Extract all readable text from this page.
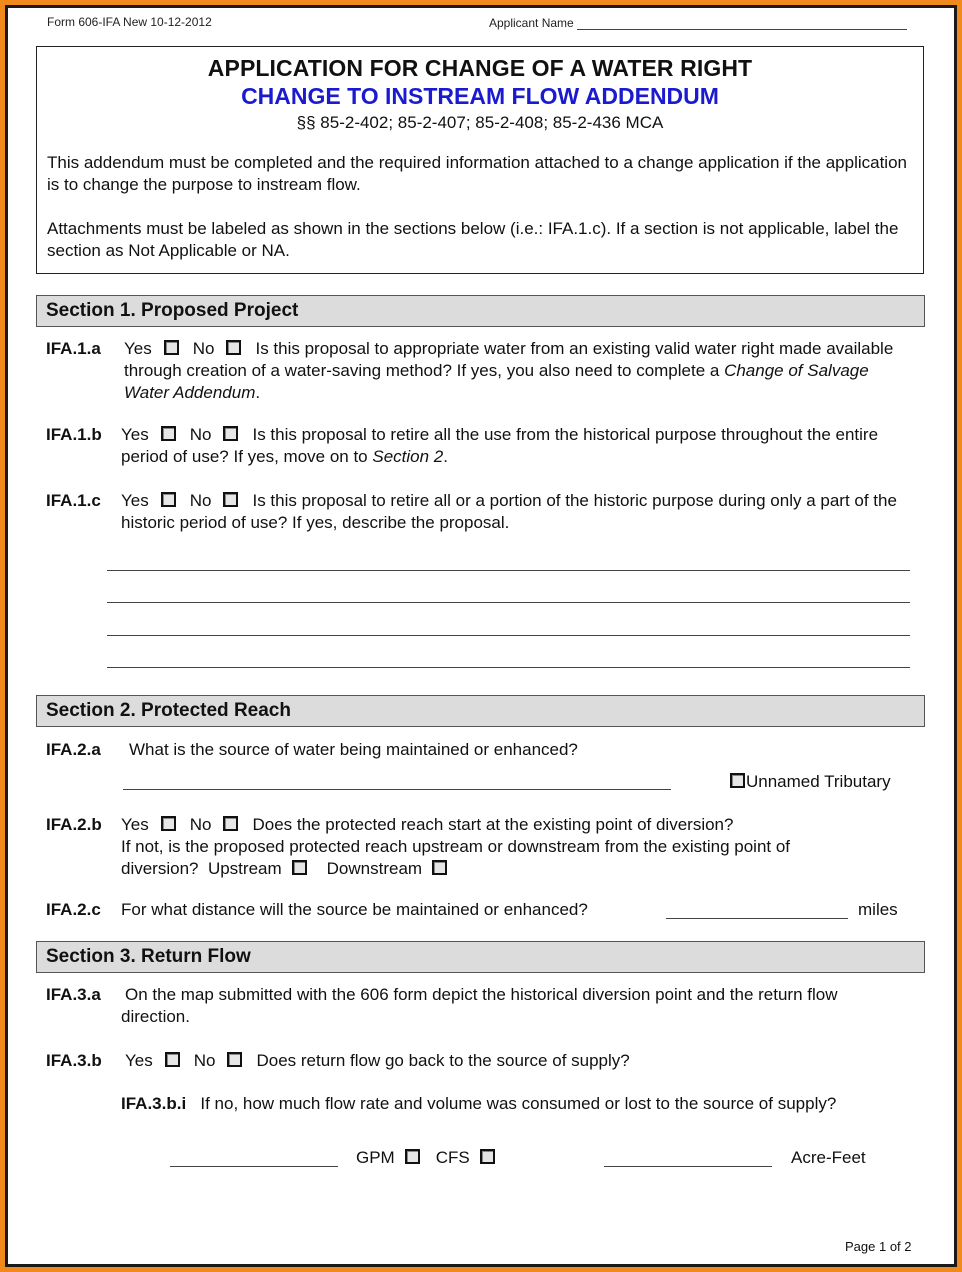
Form 606-IFA New 10-12-2012	Applicant Name
APPLICATION FOR CHANGE OF A WATER RIGHT
CHANGE TO INSTREAM FLOW ADDENDUM
§§ 85-2-402; 85-2-407; 85-2-408; 85-2-436 MCA
This addendum must be completed and the required information attached to a change application if the application is to change the purpose to instream flow.
Attachments must be labeled as shown in the sections below (i.e.: IFA.1.c). If a section is not applicable, label the section as Not Applicable or NA.
Section 1. Proposed Project
IFA.1.a Yes No Is this proposal to appropriate water from an existing valid water right made available through creation of a water-saving method? If yes, you also need to complete a Change of Salvage Water Addendum.
IFA.1.b Yes No Is this proposal to retire all the use from the historical purpose throughout the entire period of use? If yes, move on to Section 2.
IFA.1.c Yes No Is this proposal to retire all or a portion of the historic purpose during only a part of the historic period of use? If yes, describe the proposal.
Section 2. Protected Reach
IFA.2.a What is the source of water being maintained or enhanced?
Unnamed Tributary
IFA.2.b Yes No Does the protected reach start at the existing point of diversion?
If not, is the proposed protected reach upstream or downstream from the existing point of diversion? Upstream	Downstream
IFA.2.c For what distance will the source be maintained or enhanced?	miles
Section 3. Return Flow
IFA.3.a On the map submitted with the 606 form depict the historical diversion point and the return flow direction.
IFA.3.b Yes No Does return flow go back to the source of supply?
IFA.3.b.i If no, how much flow rate and volume was consumed or lost to the source of supply?
GPM CFS	Acre-Feet
Page 1 of 2
